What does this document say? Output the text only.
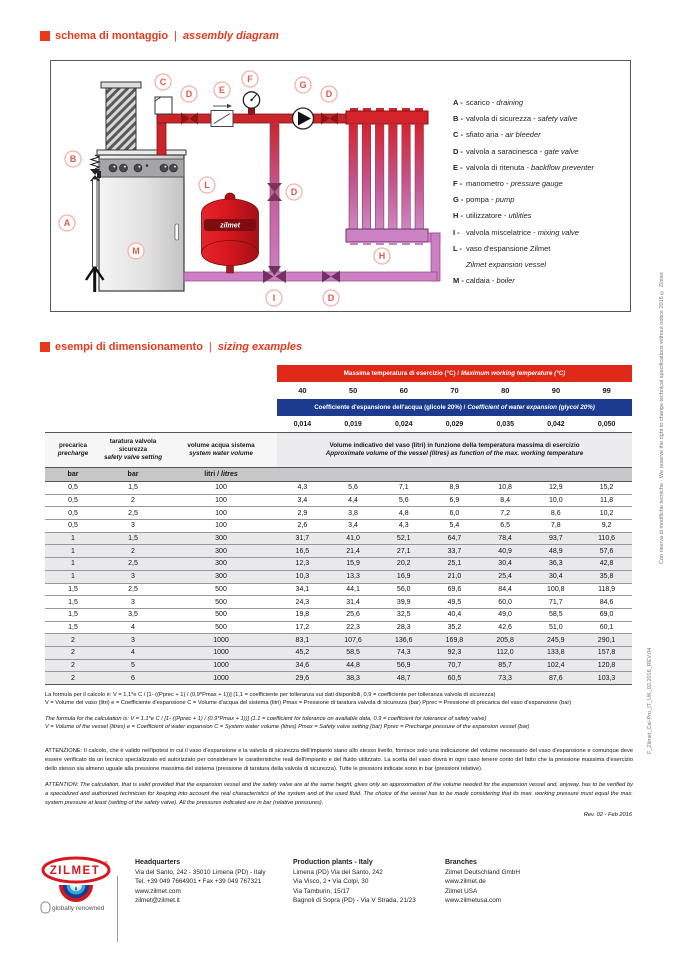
schema di montaggio | assembly diagram
zilmet
A
B
C
D	E
F
G
D
D
D
H
I
L
M
A - scarico - draining
B - valvola di sicurezza - safety valve
C - sfiato aria - air bleeder
D - valvola a saracinesca - gate valve
E - valvola di ritenuta - backflow preventer
F - manometro - pressure gauge
G - pompa - pump
H - utilizzatore - utilities
I - valvola miscelatrice - mixing valve
L - vaso d'espansione Zilmet
Zilmet expansion vessel
M - caldaia - boiler
esempi di dimensionamento | sizing examples
Massima temperatura di esercizio (°C) / Maximum working temperature (°C)
40	50	60	70	80	90	99
Coefficiente d'espansione dell'acqua (glicole 20%) / Coefficient of water expansion (glycol 20%)
0,014	0,019	0,024	0,029	0,035	0,042	0,050
precarica
precharge

taratura valvola sicurezza
safety valve setting

volume acqua sistema
system water volume

Volume indicativo del vaso (litri) in funzione della temperatura massima di esercizio
Approximate volume of the vessel (litres) as function of the max. working temperature

bar	bar	litri / litres							
0,5	1,5	100	4,3	5,6	7,1	8,9	10,8	12,9	15,2
0,5	2	100	3,4	4,4	5,6	6,9	8,4	10,0	11,8
0,5	2,5	100	2,9	3,8	4,8	6,0	7,2	8,6	10,2
0,5	3	100	2,6	3,4	4,3	5,4	6,5	7,8	9,2
1	1,5	300	31,7	41,0	52,1	64,7	78,4	93,7	110,6
1	2	300	16,5	21,4	27,1	33,7	40,9	48,9	57,6
1	2,5	300	12,3	15,9	20,2	25,1	30,4	36,3	42,8
1	3	300	10,3	13,3	16,9	21,0	25,4	30,4	35,8
1,5	2,5	500	34,1	44,1	56,0	69,6	84,4	100,8	118,9
1,5	3	500	24,3	31,4	39,9	49,5	60,0	71,7	84,6
1,5	3,5	500	19,8	25,6	32,5	40,4	49,0	58,5	69,0
1,5	4	500	17,2	22,3	28,3	35,2	42,6	51,0	60,1
2	3	1000	83,1	107,6	136,6	169,8	205,8	245,9	290,1
2	4	1000	45,2	58,5	74,3	92,3	112,0	133,8	157,8
2	5	1000	34,6	44,8	56,9	70,7	85,7	102,4	120,8
2	6	1000	29,6	38,3	48,7	60,5	73,3	87,6	103,3
La formula per il calcolo è: V = 1,1*e C / [1- ((Pprec + 1) / (0,9*Pmax + 1))] (1,1 = coefficiente per tolleranza sui dati disponibili, 0,9 = coefficiente per tolleranza valvola di sicurezza)
V = Volume del vaso (litri) e = Coefficiente d'espansione C = Volume d'acqua del sistema (litri) Pmax = Pressione di taratura valvola di sicurezza (bar) Pprec = Pressione di precarica del vaso d'espansione (bar)
The formula for the calculation is: V = 1.1*e C / [1- ((Pprec + 1) / (0.9*Pmax + 1))] (1.1 = coefficient for tolerance on available data, 0.9 = coefficient for tolerance of safety valve)
V = Volume of the vessel (litres) e = Coefficient of water expansion C = System water volume (litres) Pmax = Safety valve setting (bar) Pprec = Precharge pressure of the expansion vessel (bar)
ATTENZIONE: Il calcolo, che è valido nell'ipotesi in cui il vaso d'espansione e la valvola di sicurezza dell'impianto siano allo stesso livello, fornisce solo una indicazione del volume necessario del vaso d'espansione e comunque deve essere verificato da un tecnico specializzato ed autorizzato per considerare le caratteristiche reali dell'impianto e del fluido utilizzato. La scelta del vaso dovrà in ogni caso tenere conto del fatto che la pressione massima d'esercizio dello stesso sia almeno uguale alla pressione massima del sistema (pressione di taratura della valvola di sicurezza). Tutte le pressioni indicate sono in bar (pressioni relative).
ATTENTION: The calculation, that is valid provided that the expansion vessel and the safety valve are at the same height, gives only an approximation of the volume needed for the expansion vessel and, anyway, has to be verified by a specialized and authorized technician for keeping into account the real characteristics of the system and of the used fluid. The choice of the vessel has to be made considering that its max. working pressure must equal the max. system pressure at least (setting of the safety valve). All the pressures indicated are in bar (relative pressures).
Rev. 02 - Feb 2016
ZILMET
®
globally renowned
Headquarters
Via del Santo, 242 - 35010 Limena (PD) - Italy
Tel. +39 049 7664901 • Fax +39 049 767321
www.zilmet.com
zilmet@zilmet.it
Production plants - Italy
Limena (PD) Via del Santo, 242
Via Visco, 2 • Via Colpi, 30
Via Tamburin, 15/17
Bagnoli di Sopra (PD) - Via V Strada, 21/23
Branches
Zilmet Deutschland GmbH
www.zilmet.de
Zilmet USA
www.zilmetusa.com
Con riserva di modifiche tecniche - We reserve the right to change technical specifications without notice 2016 © Zilmet
F_Zilmet_Cal-Pro_IT_UK_02.2016_REV.04
